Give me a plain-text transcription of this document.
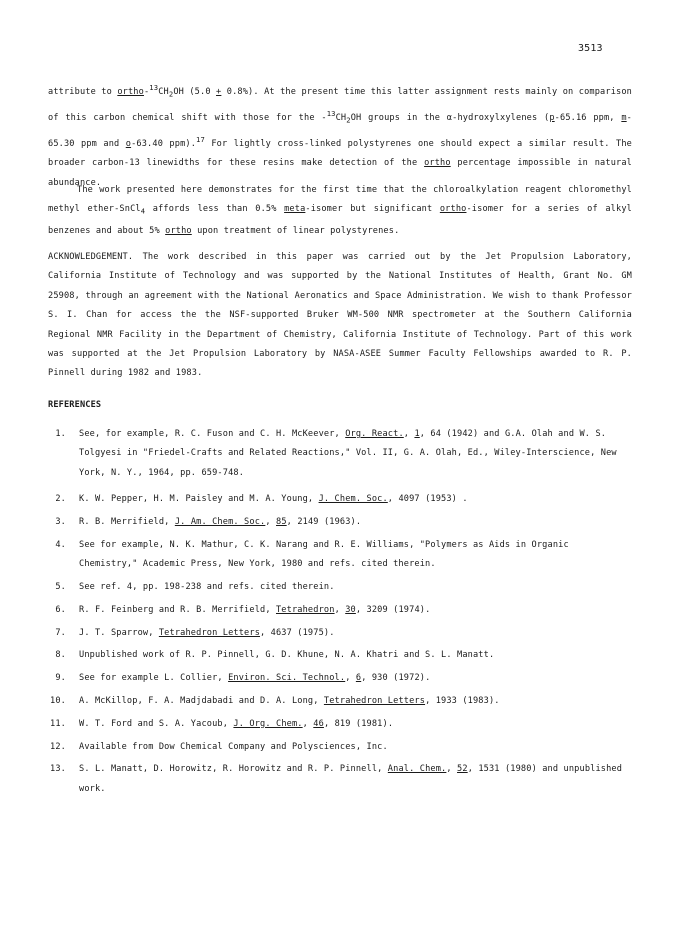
3513

attribute to ortho-$^{13}CH_2OH$ (5.0 + 0.8%). At the present time this latter assignment rests mainly on comparison of this carbon chemical shift with those for the $-^{13}CH_2OH$ groups in the α-hydroxylxylenes (p-65.16 ppm, m-65.30 ppm and o-63.40 ppm).$^{17}$ For lightly cross-linked polystyrenes one should expect a similar result. The broader carbon-13 linewidths for these resins make detection of the ortho percentage impossible in natural abundance.

The work presented here demonstrates for the first time that the chloroalkylation reagent chloromethyl methyl ether-SnCl$_4$ affords less than 0.5% meta-isomer but significant ortho-isomer for a series of alkyl benzenes and about 5% ortho upon treatment of linear polystyrenes.

ACKNOWLEDGEMENT. The work described in this paper was carried out by the Jet Propulsion Laboratory, California Institute of Technology and was supported by the National Institutes of Health, Grant No. GM 25908, through an agreement with the National Aeronatics and Space Administration. We wish to thank Professor S. I. Chan for access the the NSF-supported Bruker WM-500 NMR spectrometer at the Southern California Regional NMR Facility in the Department of Chemistry, California Institute of Technology. Part of this work was supported at the Jet Propulsion Laboratory by NASA-ASEE Summer Faculty Fellowships awarded to R. P. Pinnell during 1982 and 1983.

REFERENCES
1. See, for example, R. C. Fuson and C. H. McKeever, Org. React., 1, 64 (1942) and G.A. Olah and W. S. Tolgyesi in "Friedel-Crafts and Related Reactions," Vol. II, G. A. Olah, Ed., Wiley-Interscience, New York, N. Y., 1964, pp. 659-748.
2. K. W. Pepper, H. M. Paisley and M. A. Young, J. Chem. Soc., 4097 (1953) .
3. R. B. Merrifield, J. Am. Chem. Soc., 85, 2149 (1963).
4. See for example, N. K. Mathur, C. K. Narang and R. E. Williams, "Polymers as Aids in Organic Chemistry," Academic Press, New York, 1980 and refs. cited therein.
5. See ref. 4, pp. 198-238 and refs. cited therein.
6. R. F. Feinberg and R. B. Merrifield, Tetrahedron, 30, 3209 (1974).
7. J. T. Sparrow, Tetrahedron Letters, 4637 (1975).
8. Unpublished work of R. P. Pinnell, G. D. Khune, N. A. Khatri and S. L. Manatt.
9. See for example L. Collier, Environ. Sci. Technol., 6, 930 (1972).
10. A. McKillop, F. A. Madjdabadi and D. A. Long, Tetrahedron Letters, 1933 (1983).
11. W. T. Ford and S. A. Yacoub, J. Org. Chem., 46, 819 (1981).
12. Available from Dow Chemical Company and Polysciences, Inc.
13. S. L. Manatt, D. Horowitz, R. Horowitz and R. P. Pinnell, Anal. Chem., 52, 1531 (1980) and unpublished work.
